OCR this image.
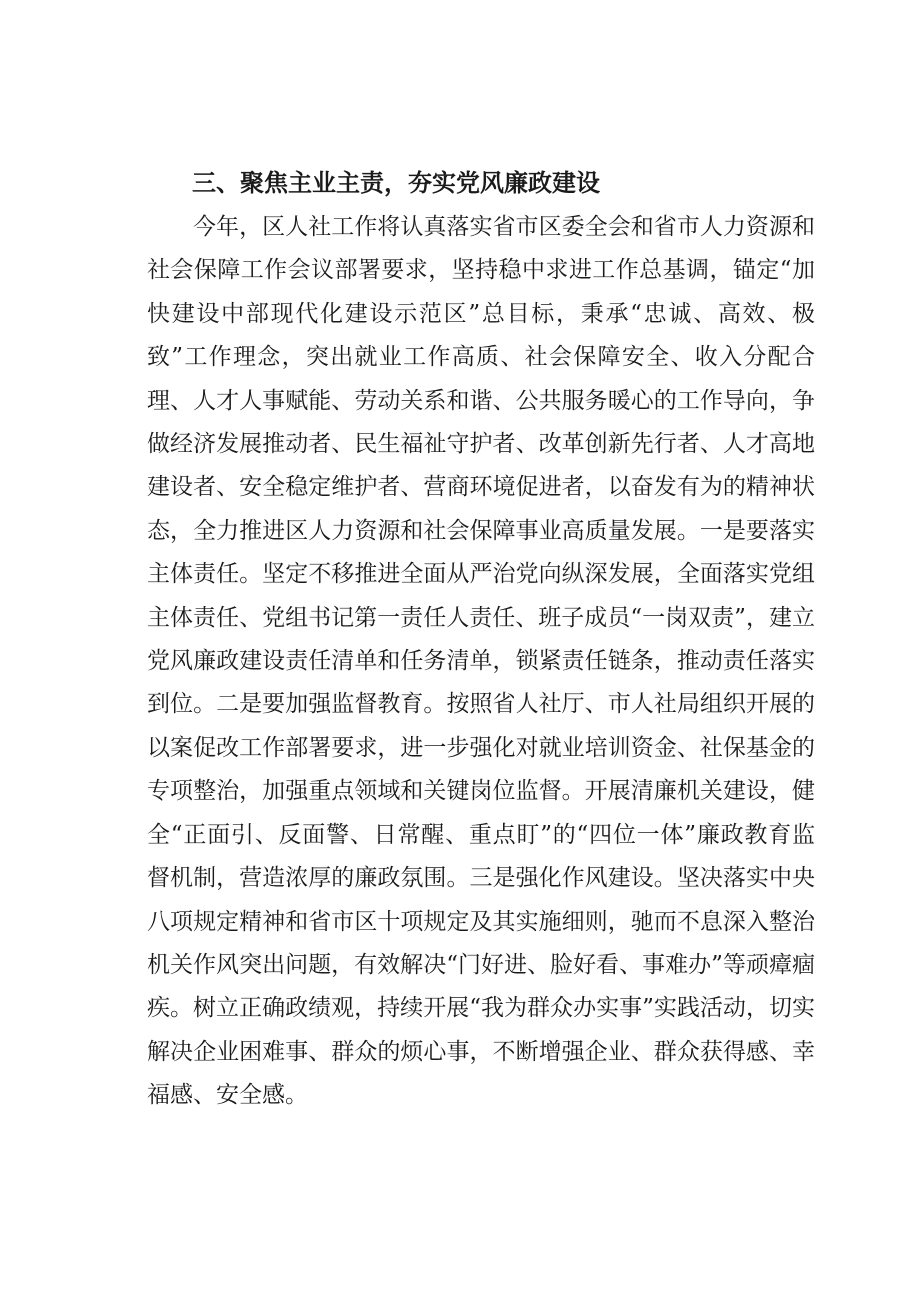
三、聚焦主业主责，夯实党风廉政建设

今年，区人社工作将认真落实省市区委全会和省市人力资源和社会保障工作会议部署要求，坚持稳中求进工作总基调，锚定“加快建设中部现代化建设示范区”总目标，秉承“忠诚、高效、极致”工作理念，突出就业工作高质、社会保障安全、收入分配合理、人才人事赋能、劳动关系和谐、公共服务暖心的工作导向，争做经济发展推动者、民生福祉守护者、改革创新先行者、人才高地建设者、安全稳定维护者、营商环境促进者，以奋发有为的精神状态，全力推进区人力资源和社会保障事业高质量发展。一是要落实主体责任。坚定不移推进全面从严治党向纵深发展，全面落实党组主体责任、党组书记第一责任人责任、班子成员“一岗双责”，建立党风廉政建设责任清单和任务清单，锁紧责任链条，推动责任落实到位。二是要加强监督教育。按照省人社厅、市人社局组织开展的以案促改工作部署要求，进一步强化对就业培训资金、社保基金的专项整治，加强重点领域和关键岗位监督。开展清廉机关建设，健全“正面引、反面警、日常醒、重点盯”的“四位一体”廉政教育监督机制，营造浓厚的廉政氛围。三是强化作风建设。坚决落实中央八项规定精神和省市区十项规定及其实施细则，驰而不息深入整治机关作风突出问题，有效解决“门好进、脸好看、事难办”等顽瘴痼疾。树立正确政绩观，持续开展“我为群众办实事”实践活动，切实解决企业困难事、群众的烦心事，不断增强企业、群众获得感、幸福感、安全感。
